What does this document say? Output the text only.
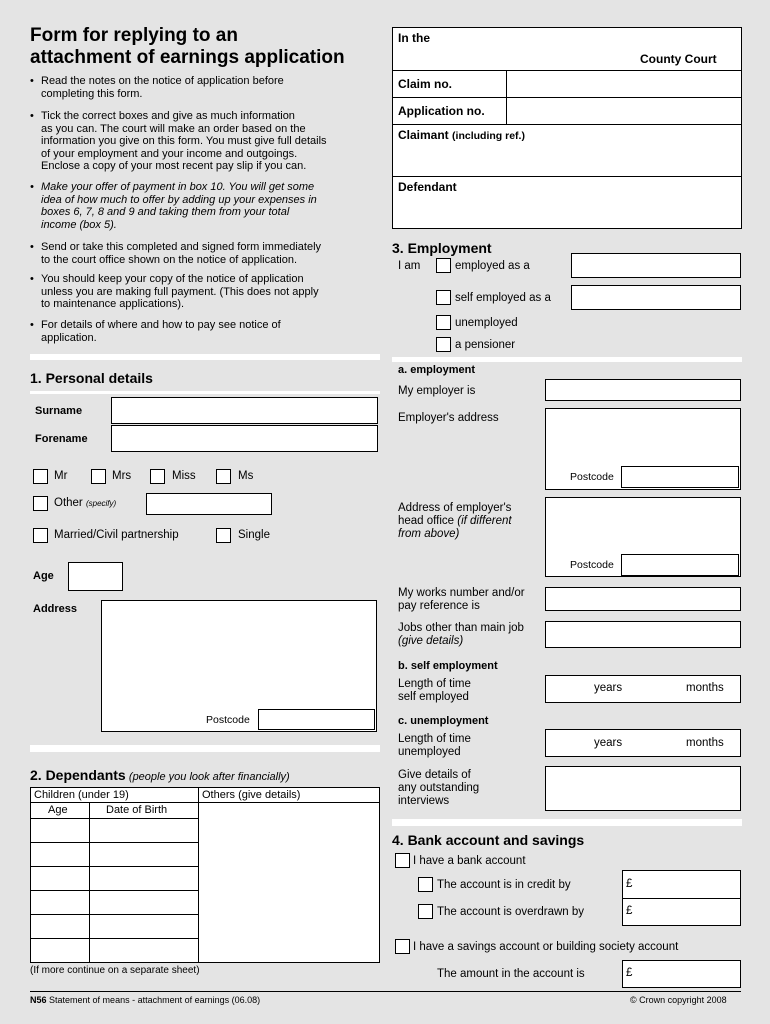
Form for replying to an
attachment of earnings application
• Read the notes on the notice of application before
completing this form.
• Tick the correct boxes and give as much information
as you can. The court will make an order based on the
information you give on this form. You must give full details
of your employment and your income and outgoings.
Enclose a copy of your most recent pay slip if you can.
• Make your offer of payment in box 10. You will get some
idea of how much to offer by adding up your expenses in
boxes 6, 7, 8 and 9 and taking them from your total
income (box 5).
• Send or take this completed and signed form immediately
to the court office shown on the notice of application.
• You should keep your copy of the notice of application
unless you are making full payment. (This does not apply
to maintenance applications).
• For details of where and how to pay see notice of
application.
In the
County Court
Claim no.
Application no.
Claimant (including ref.)
Defendant
1. Personal details
Surname
Forename
Mr	Mrs	Miss	Ms
Other (specify)
Married/Civil partnership	Single
Age
Address
Postcode
2. Dependants (people you look after financially)
Children (under 19)	Others (give details)
Age	Date of Birth
(If more continue on a separate sheet)
3. Employment
I am	employed as a
self employed as a
unemployed
a pensioner
a. employment
My employer is
Employer's address
Postcode
Address of employer's
head office (if different
from above)
Postcode
My works number and/or
pay reference is
Jobs other than main job
(give details)
b. self employment
Length of time
self employed
years	months
c. unemployment
Length of time
unemployed
years	months
Give details of
any outstanding
interviews
4. Bank account and savings
I have a bank account
The account is in credit by	£
The account is overdrawn by	£
I have a savings account or building society account
The amount in the account is	£
N56 Statement of means - attachment of earnings (06.08)	© Crown copyright 2008
